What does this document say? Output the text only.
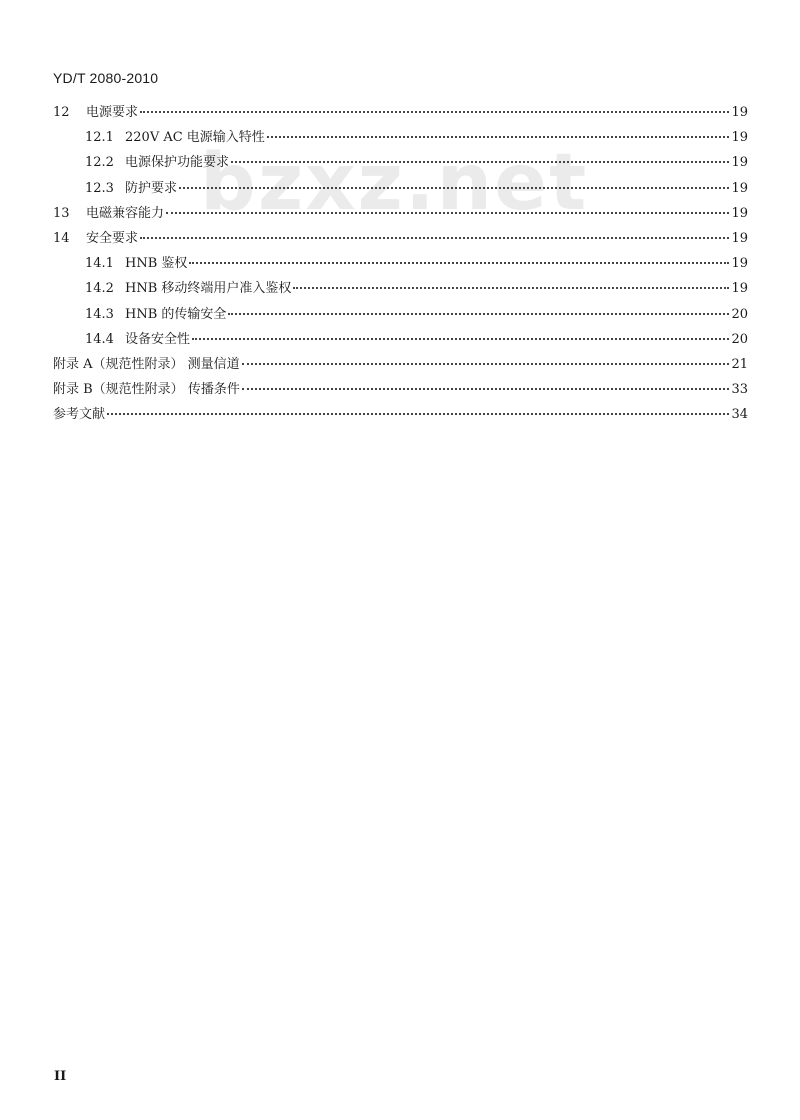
YD/T 2080-2010
bzxz.net
12	电源要求	19
12.1 220V AC 电源输入特性	19
12.2 电源保护功能要求	19
12.3 防护要求	19
13	电磁兼容能力	19
14	安全要求	19
14.1 HNB 鉴权	19
14.2 HNB 移动终端用户准入鉴权	19
14.3 HNB 的传输安全	20
14.4 设备安全性	20
附录 A（规范性附录） 测量信道	21
附录 B（规范性附录） 传播条件	33
参考文献	34
II
